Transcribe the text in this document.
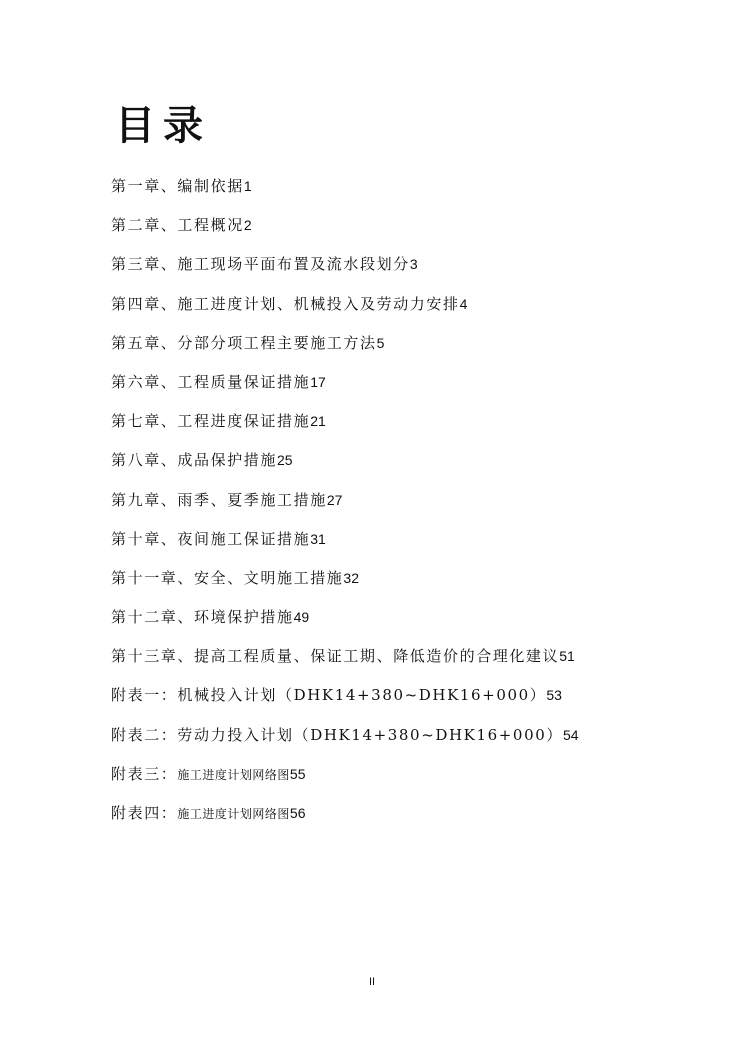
目录
第一章、编制依据1
第二章、工程概况2
第三章、施工现场平面布置及流水段划分3
第四章、施工进度计划、机械投入及劳动力安排4
第五章、分部分项工程主要施工方法5
第六章、工程质量保证措施17
第七章、工程进度保证措施21
第八章、成品保护措施25
第九章、雨季、夏季施工措施27
第十章、夜间施工保证措施31
第十一章、安全、文明施工措施32
第十二章、环境保护措施49
第十三章、提高工程质量、保证工期、降低造价的合理化建议51
附表一：机械投入计划（DHK14+380~DHK16+000）53
附表二：劳动力投入计划（DHK14+380~DHK16+000）54
附表三：施工进度计划网络图55
附表四：施工进度计划网络图56
II
